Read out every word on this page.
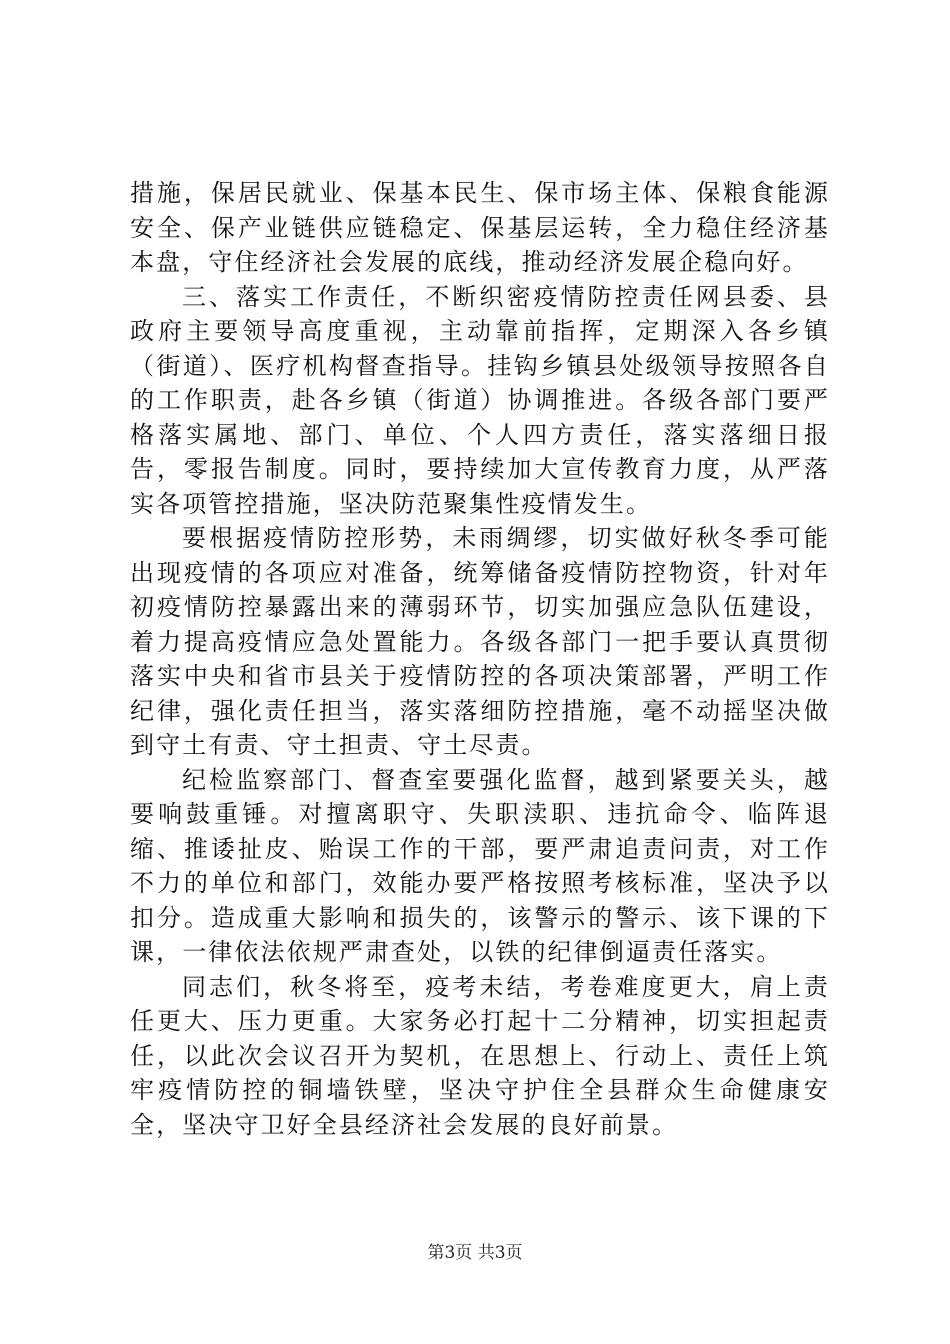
措施，保居民就业、保基本民生、保市场主体、保粮食能源安全、保产业链供应链稳定、保基层运转，全力稳住经济基本盘，守住经济社会发展的底线，推动经济发展企稳向好。

三、落实工作责任，不断织密疫情防控责任网县委、县政府主要领导高度重视，主动靠前指挥，定期深入各乡镇（街道）、医疗机构督查指导。挂钩乡镇县处级领导按照各自的工作职责，赴各乡镇（街道）协调推进。各级各部门要严格落实属地、部门、单位、个人四方责任，落实落细日报告，零报告制度。同时，要持续加大宣传教育力度，从严落实各项管控措施，坚决防范聚集性疫情发生。

要根据疫情防控形势，未雨绸缪，切实做好秋冬季可能出现疫情的各项应对准备，统筹储备疫情防控物资，针对年初疫情防控暴露出来的薄弱环节，切实加强应急队伍建设，着力提高疫情应急处置能力。各级各部门一把手要认真贯彻落实中央和省市县关于疫情防控的各项决策部署，严明工作纪律，强化责任担当，落实落细防控措施，毫不动摇坚决做到守土有责、守土担责、守土尽责。

纪检监察部门、督查室要强化监督，越到紧要关头，越要响鼓重锤。对擅离职守、失职渎职、违抗命令、临阵退缩、推诿扯皮、贻误工作的干部，要严肃追责问责，对工作不力的单位和部门，效能办要严格按照考核标准，坚决予以扣分。造成重大影响和损失的，该警示的警示、该下课的下课，一律依法依规严肃查处，以铁的纪律倒逼责任落实。

同志们，秋冬将至，疫考未结，考卷难度更大，肩上责任更大、压力更重。大家务必打起十二分精神，切实担起责任，以此次会议召开为契机，在思想上、行动上、责任上筑牢疫情防控的铜墙铁壁，坚决守护住全县群众生命健康安全，坚决守卫好全县经济社会发展的良好前景。

第3页 共3页
